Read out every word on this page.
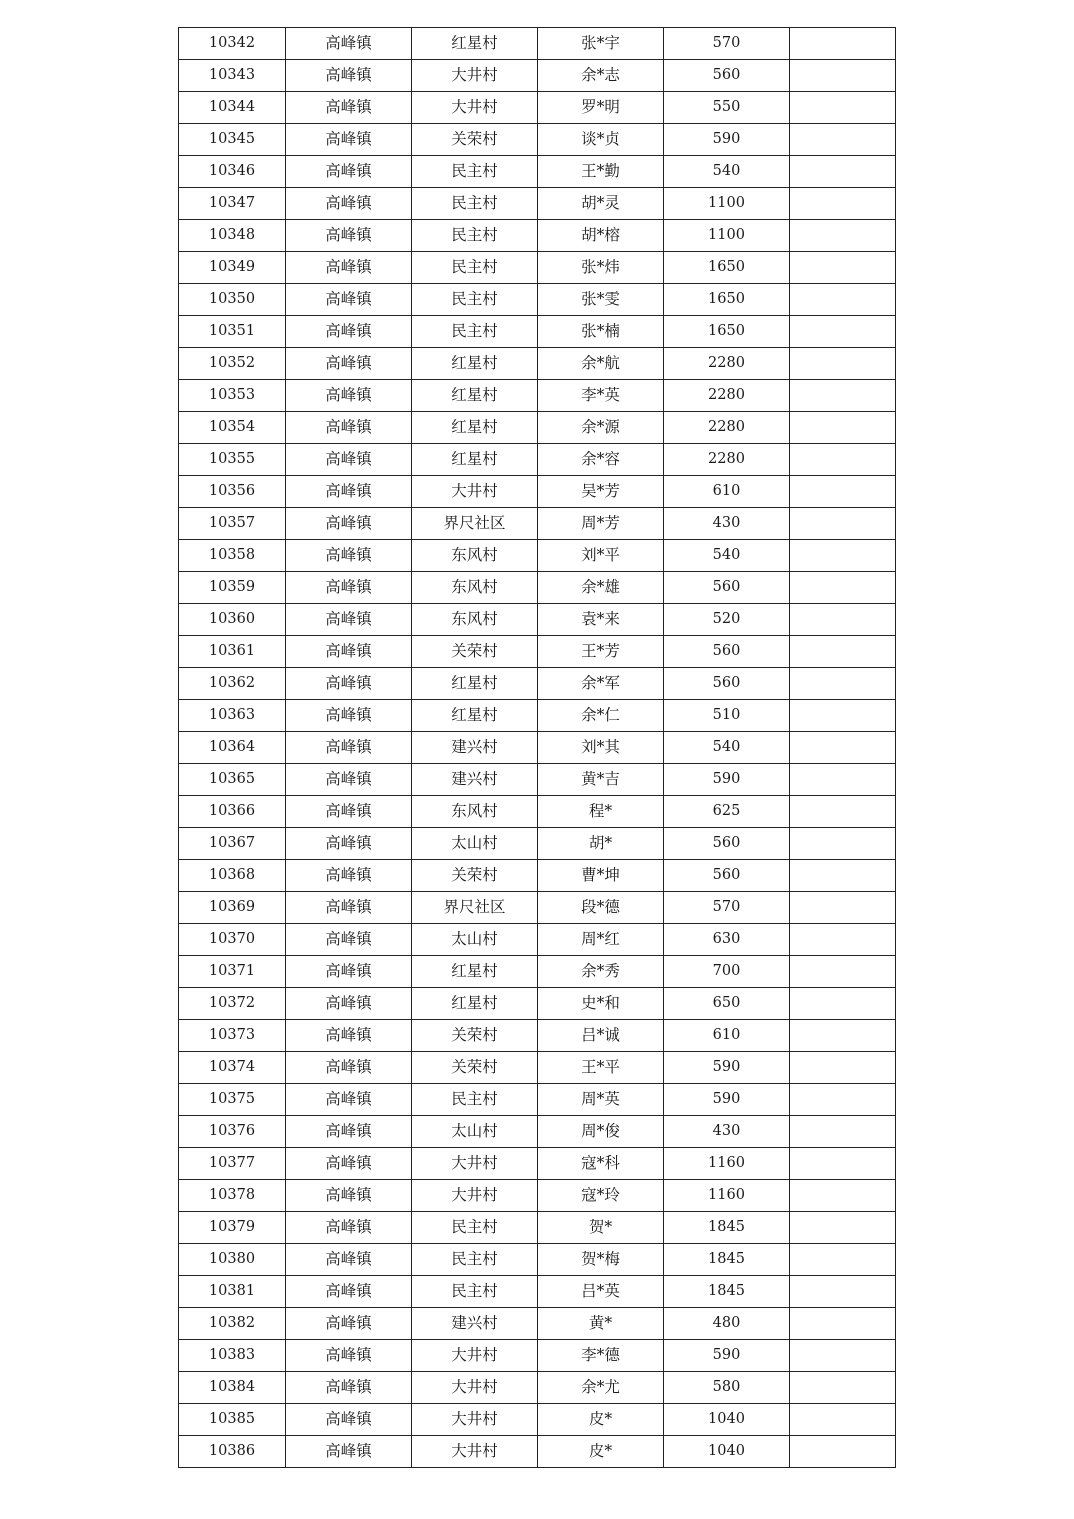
10342	高峰镇	红星村	张*宇	570	
10343	高峰镇	大井村	余*志	560	
10344	高峰镇	大井村	罗*明	550	
10345	高峰镇	关荣村	谈*贞	590	
10346	高峰镇	民主村	王*勤	540	
10347	高峰镇	民主村	胡*灵	1100	
10348	高峰镇	民主村	胡*榕	1100	
10349	高峰镇	民主村	张*炜	1650	
10350	高峰镇	民主村	张*雯	1650	
10351	高峰镇	民主村	张*楠	1650	
10352	高峰镇	红星村	余*航	2280	
10353	高峰镇	红星村	李*英	2280	
10354	高峰镇	红星村	余*源	2280	
10355	高峰镇	红星村	余*容	2280	
10356	高峰镇	大井村	吴*芳	610	
10357	高峰镇	界尺社区	周*芳	430	
10358	高峰镇	东风村	刘*平	540	
10359	高峰镇	东风村	余*雄	560	
10360	高峰镇	东风村	袁*来	520	
10361	高峰镇	关荣村	王*芳	560	
10362	高峰镇	红星村	余*军	560	
10363	高峰镇	红星村	余*仁	510	
10364	高峰镇	建兴村	刘*其	540	
10365	高峰镇	建兴村	黄*吉	590	
10366	高峰镇	东风村	程*	625	
10367	高峰镇	太山村	胡*	560	
10368	高峰镇	关荣村	曹*坤	560	
10369	高峰镇	界尺社区	段*德	570	
10370	高峰镇	太山村	周*红	630	
10371	高峰镇	红星村	余*秀	700	
10372	高峰镇	红星村	史*和	650	
10373	高峰镇	关荣村	吕*诚	610	
10374	高峰镇	关荣村	王*平	590	
10375	高峰镇	民主村	周*英	590	
10376	高峰镇	太山村	周*俊	430	
10377	高峰镇	大井村	寇*科	1160	
10378	高峰镇	大井村	寇*玲	1160	
10379	高峰镇	民主村	贺*	1845	
10380	高峰镇	民主村	贺*梅	1845	
10381	高峰镇	民主村	吕*英	1845	
10382	高峰镇	建兴村	黄*	480	
10383	高峰镇	大井村	李*德	590	
10384	高峰镇	大井村	余*尤	580	
10385	高峰镇	大井村	皮*	1040	
10386	高峰镇	大井村	皮*	1040	
